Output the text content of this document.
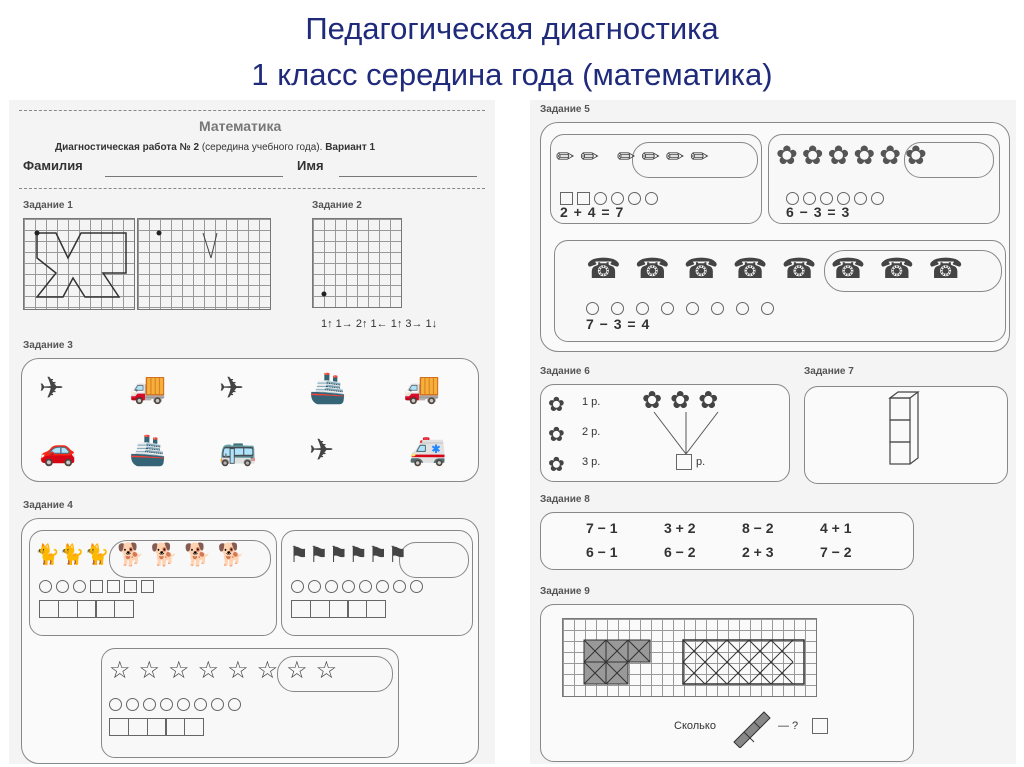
Педагогическая диагностика
1 класс середина года (математика)
Математика
Диагностическая работа № 2 (середина учебного года). Вариант 1
Фамилия	Имя
Задание 1	Задание 2
1↑ 1→ 2↑ 1← 1↑ 3→ 1↓
Задание 3
✈ 🚚 ✈ 🚢 🚚
🚗 🚢 🚌 ✈ 🚑
Задание 4
🐈🐈🐈 🐕 🐕 🐕 🐕 ⚑⚑⚑⚑⚑⚑
☆☆☆☆☆☆☆☆
Задание 5
✏✏ ✏✏✏✏
2 + 4 = 7
✿✿✿✿✿✿
6 − 3 = 3
☎☎☎☎☎☎☎☎
7 − 3 = 4
Задание 6
✿ 1 р.
✿ 2 р.
✿ 3 р.
✿✿✿
р.
Задание 7
Задание 8
7 − 1	3 + 2	8 − 2	4 + 1
6 − 1	6 − 2	2 + 3	7 − 2
Задание 9
Сколько	— ?
